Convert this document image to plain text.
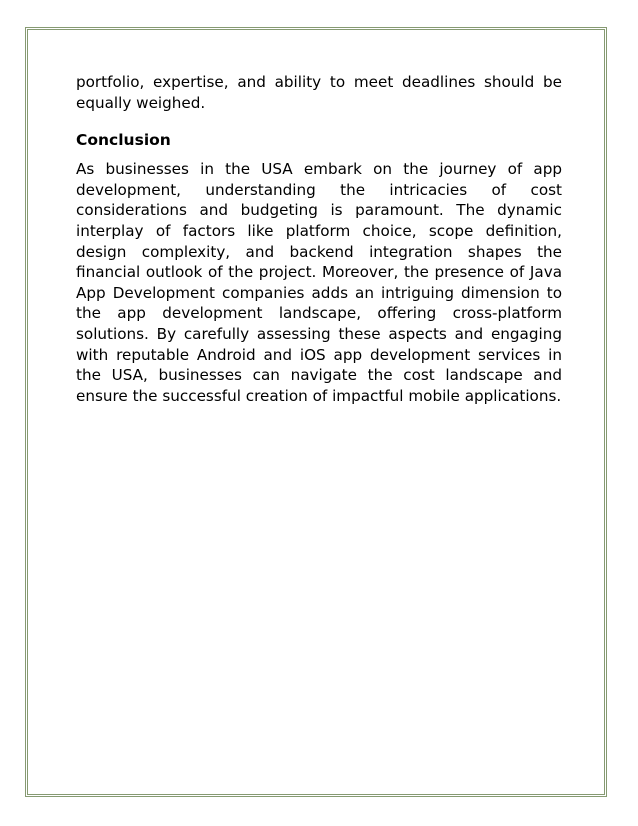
portfolio, expertise, and ability to meet deadlines should be equally weighed.

Conclusion

As businesses in the USA embark on the journey of app development, understanding the intricacies of cost considerations and budgeting is paramount. The dynamic interplay of factors like platform choice, scope definition, design complexity, and backend integration shapes the financial outlook of the project. Moreover, the presence of Java App Development companies adds an intriguing dimension to the app development landscape, offering cross-platform solutions. By carefully assessing these aspects and engaging with reputable Android and iOS app development services in the USA, businesses can navigate the cost landscape and ensure the successful creation of impactful mobile applications.
